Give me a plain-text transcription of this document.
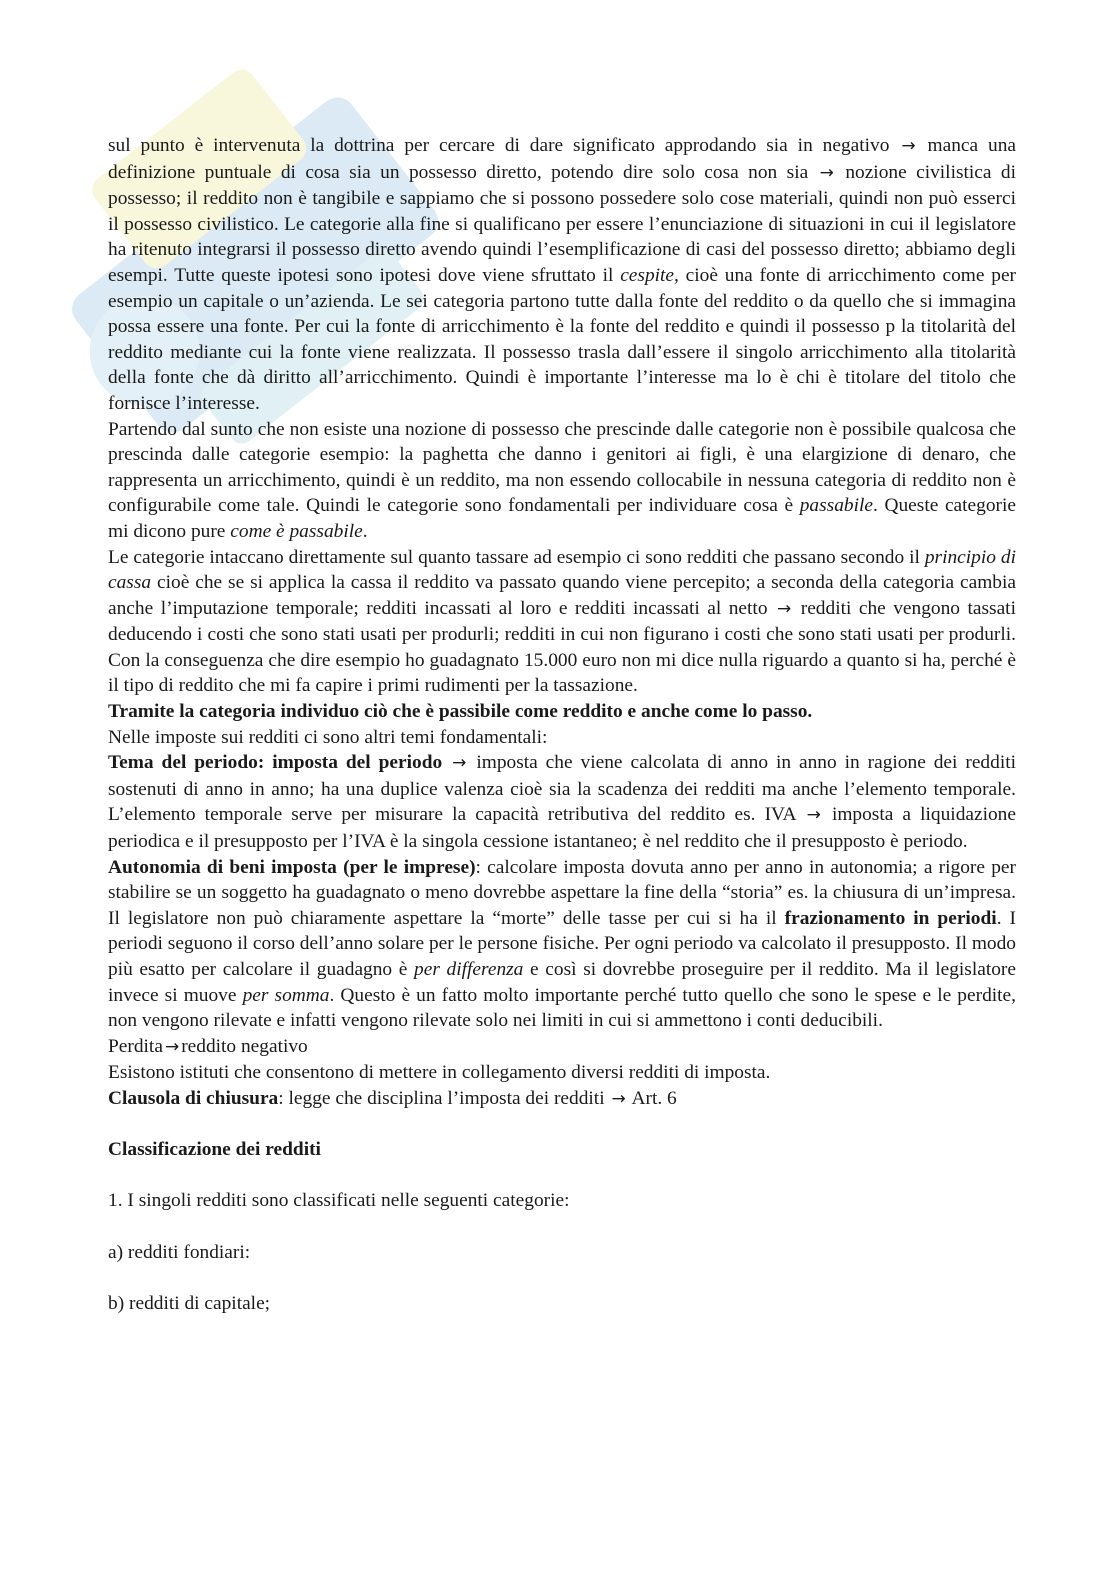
sul punto è intervenuta la dottrina per cercare di dare significato approdando sia in negativo → manca una definizione puntuale di cosa sia un possesso diretto, potendo dire solo cosa non sia → nozione civilistica di possesso; il reddito non è tangibile e sappiamo che si possono possedere solo cose materiali, quindi non può esserci il possesso civilistico. Le categorie alla fine si qualificano per essere l’enunciazione di situazioni in cui il legislatore ha ritenuto integrarsi il possesso diretto avendo quindi l’esemplificazione di casi del possesso diretto; abbiamo degli esempi. Tutte queste ipotesi sono ipotesi dove viene sfruttato il cespite, cioè una fonte di arricchimento come per esempio un capitale o un’azienda. Le sei categoria partono tutte dalla fonte del reddito o da quello che si immagina possa essere una fonte. Per cui la fonte di arricchimento è la fonte del reddito e quindi il possesso p la titolarità del reddito mediante cui la fonte viene realizzata. Il possesso trasla dall’essere il singolo arricchimento alla titolarità della fonte che dà diritto all’arricchimento. Quindi è importante l’interesse ma lo è chi è titolare del titolo che fornisce l’interesse.

Partendo dal sunto che non esiste una nozione di possesso che prescinde dalle categorie non è possibile qualcosa che prescinda dalle categorie esempio: la paghetta che danno i genitori ai figli, è una elargizione di denaro, che rappresenta un arricchimento, quindi è un reddito, ma non essendo collocabile in nessuna categoria di reddito non è configurabile come tale. Quindi le categorie sono fondamentali per individuare cosa è passabile. Queste categorie mi dicono pure come è passabile.

Le categorie intaccano direttamente sul quanto tassare ad esempio ci sono redditi che passano secondo il principio di cassa cioè che se si applica la cassa il reddito va passato quando viene percepito; a seconda della categoria cambia anche l’imputazione temporale; redditi incassati al loro e redditi incassati al netto → redditi che vengono tassati deducendo i costi che sono stati usati per produrli; redditi in cui non figurano i costi che sono stati usati per produrli. Con la conseguenza che dire esempio ho guadagnato 15.000 euro non mi dice nulla riguardo a quanto si ha, perché è il tipo di reddito che mi fa capire i primi rudimenti per la tassazione.

Tramite la categoria individuo ciò che è passibile come reddito e anche come lo passo.

Nelle imposte sui redditi ci sono altri temi fondamentali:

Tema del periodo: imposta del periodo → imposta che viene calcolata di anno in anno in ragione dei redditi sostenuti di anno in anno; ha una duplice valenza cioè sia la scadenza dei redditi ma anche l’elemento temporale. L’elemento temporale serve per misurare la capacità retributiva del reddito es. IVA → imposta a liquidazione periodica e il presupposto per l’IVA è la singola cessione istantaneo; è nel reddito che il presupposto è periodo.

Autonomia di beni imposta (per le imprese): calcolare imposta dovuta anno per anno in autonomia; a rigore per stabilire se un soggetto ha guadagnato o meno dovrebbe aspettare la fine della “storia” es. la chiusura di un’impresa. Il legislatore non può chiaramente aspettare la “morte” delle tasse per cui si ha il frazionamento in periodi. I periodi seguono il corso dell’anno solare per le persone fisiche. Per ogni periodo va calcolato il presupposto. Il modo più esatto per calcolare il guadagno è per differenza e così si dovrebbe proseguire per il reddito. Ma il legislatore invece si muove per somma. Questo è un fatto molto importante perché tutto quello che sono le spese e le perdite, non vengono rilevate e infatti vengono rilevate solo nei limiti in cui si ammettono i conti deducibili.

Perdita → reddito negativo

Esistono istituti che consentono di mettere in collegamento diversi redditi di imposta.

Clausola di chiusura: legge che disciplina l’imposta dei redditi → Art. 6

Classificazione dei redditi

1. I singoli redditi sono classificati nelle seguenti categorie:

a) redditi fondiari:

b) redditi di capitale;
